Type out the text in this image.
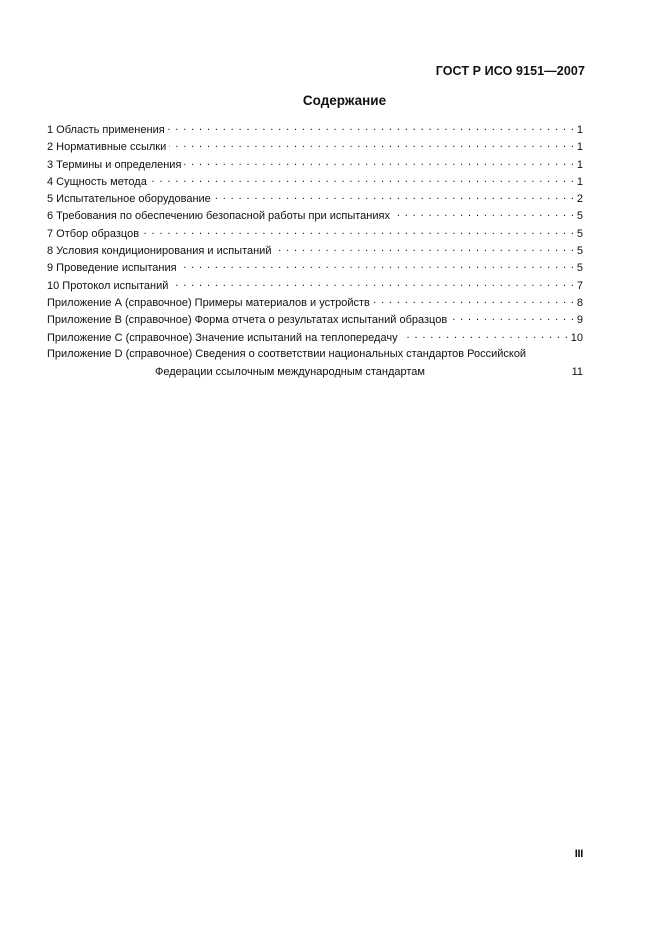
ГОСТ Р ИСО 9151—2007
Содержание
1 Область применения . . .	1
2 Нормативные ссылки . . .	1
3 Термины и определения . . .	1
4 Сущность метода . . .	1
5 Испытательное оборудование . . .	2
6 Требования по обеспечению безопасной работы при испытаниях . . .	5
7 Отбор образцов . . .	5
8 Условия кондиционирования и испытаний . . .	5
9 Проведение испытания . . .	5
10 Протокол испытаний . . .	7
Приложение А (справочное) Примеры материалов и устройств . . .	8
Приложение В (справочное) Форма отчета о результатах испытаний образцов . . .	9
Приложение С (справочное) Значение испытаний на теплопередачу . . .	10
Приложение D (справочное) Сведения о соответствии национальных стандартов Российской
Федерации ссылочным международным стандартам	11
III
